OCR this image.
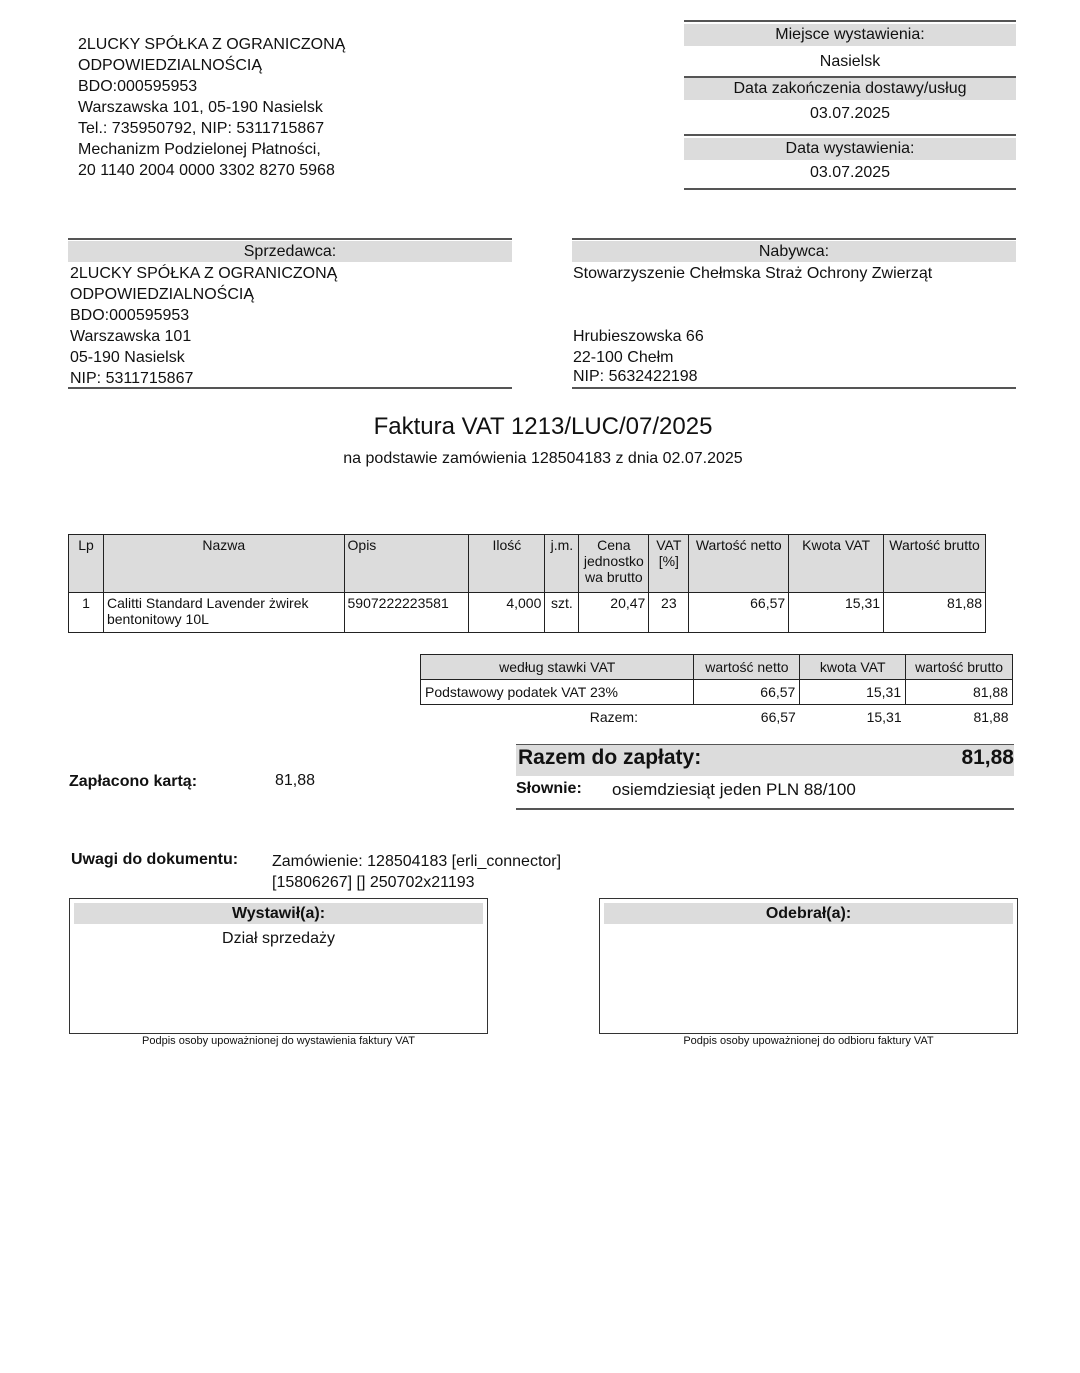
2LUCKY SPÓŁKA Z OGRANICZONĄ
ODPOWIEDZIALNOŚCIĄ
BDO:000595953
Warszawska 101, 05-190 Nasielsk
Tel.: 735950792, NIP: 5311715867
Mechanizm Podzielonej Płatności,
20 1140 2004 0000 3302 8270 5968
Miejsce wystawienia:
Nasielsk
Data zakończenia dostawy/usług
03.07.2025
Data wystawienia:
03.07.2025
Sprzedawca:
2LUCKY SPÓŁKA Z OGRANICZONĄ
ODPOWIEDZIALNOŚCIĄ
BDO:000595953
Warszawska 101
05-190 Nasielsk
NIP: 5311715867
Nabywca:
Stowarzyszenie Chełmska Straż Ochrony Zwierząt
Hrubieszowska 66
22-100 Chełm
NIP: 5632422198
Faktura VAT 1213/LUC/07/2025
na podstawie zamówienia 128504183 z dnia 02.07.2025
Lp	Nazwa	Opis	Ilość	j.m.	Cena jednostko wa brutto	VAT [%]	Wartość netto	Kwota VAT	Wartość brutto
1	Calitti Standard Lavender żwirek bentonitowy 10L	5907222223581	4,000	szt.	20,47	23	66,57	15,31	81,88
według stawki VAT	wartość netto	kwota VAT	wartość brutto
Podstawowy podatek VAT 23%	66,57	15,31	81,88
Razem:	66,57	15,31	81,88
Razem do zapłaty:	81,88
Słownie: osiemdziesiąt jeden PLN 88/100
Zapłacono kartą:	81,88
Uwagi do dokumentu: Zamówienie: 128504183 [erli_connector] [15806267] [] 250702x21193
Wystawił(a):
Dział sprzedaży
Podpis osoby upoważnionej do wystawienia faktury VAT
Odebrał(a):
Podpis osoby upoważnionej do odbioru faktury VAT
